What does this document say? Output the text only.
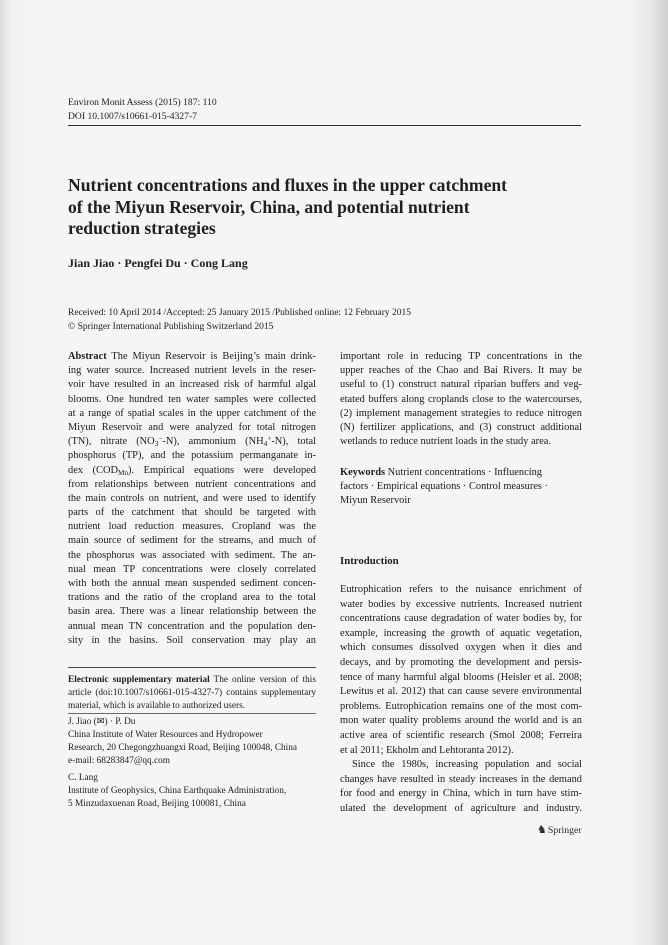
Environ Monit Assess (2015) 187: 110
DOI 10.1007/s10661-015-4327-7
Nutrient concentrations and fluxes in the upper catchment
of the Miyun Reservoir, China, and potential nutrient
reduction strategies
Jian Jiao · Pengfei Du · Cong Lang
Received: 10 April 2014 /Accepted: 25 January 2015 /Published online: 12 February 2015
© Springer International Publishing Switzerland 2015
Abstract The Miyun Reservoir is Beijing’s main drink-
ing water source. Increased nutrient levels in the reser-
voir have resulted in an increased risk of harmful algal
blooms. One hundred ten water samples were collected
at a range of spatial scales in the upper catchment of the
Miyun Reservoir and were analyzed for total nitrogen
(TN), nitrate $(NO_3^--N)$, ammonium $(NH_4^+-N)$, total
phosphorus (TP), and the potassium permanganate in-
dex $(COD_{Mn})$. Empirical equations were developed
from relationships between nutrient concentrations and
the main controls on nutrient, and were used to identify
parts of the catchment that should be targeted with
nutrient load reduction measures. Cropland was the
main source of sediment for the streams, and much of
the phosphorus was associated with sediment. The an-
nual mean TP concentrations were closely correlated
with both the annual mean suspended sediment concen-
trations and the ratio of the cropland area to the total
basin area. There was a linear relationship between the
annual mean TN concentration and the population den-
sity in the basins. Soil conservation may play an
Electronic supplementary material The online version of this
article (doi:10.1007/s10661-015-4327-7) contains supplementary
material, which is available to authorized users.
J. Jiao (✉) · P. Du
China Institute of Water Resources and Hydropower
Research, 20 Chegongzhuangxi Road, Beijing 100048, China
e-mail: 68283847@qq.com
C. Lang
Institute of Geophysics, China Earthquake Administration,
5 Minzudaxuenan Road, Beijing 100081, China
important role in reducing TP concentrations in the
upper reaches of the Chao and Bai Rivers. It may be
useful to (1) construct natural riparian buffers and veg-
etated buffers along croplands close to the watercourses,
(2) implement management strategies to reduce nitrogen
(N) fertilizer applications, and (3) construct additional
wetlands to reduce nutrient loads in the study area.
Keywords Nutrient concentrations · Influencing
factors · Empirical equations · Control measures ·
Miyun Reservoir
Introduction
Eutrophication refers to the nuisance enrichment of
water bodies by excessive nutrients. Increased nutrient
concentrations cause degradation of water bodies by, for
example, increasing the growth of aquatic vegetation,
which consumes dissolved oxygen when it dies and
decays, and by promoting the development and persis-
tence of many harmful algal blooms (Heisler et al. 2008;
Lewitus et al. 2012) that can cause severe environmental
problems. Eutrophication remains one of the most com-
mon water quality problems around the world and is an
active area of scientific research (Smol 2008; Ferreira
et al 2011; Ekholm and Lehtoranta 2012).
Since the 1980s, increasing population and social
changes have resulted in steady increases in the demand
for food and energy in China, which in turn have stim-
ulated the development of agriculture and industry.
♞ Springer
